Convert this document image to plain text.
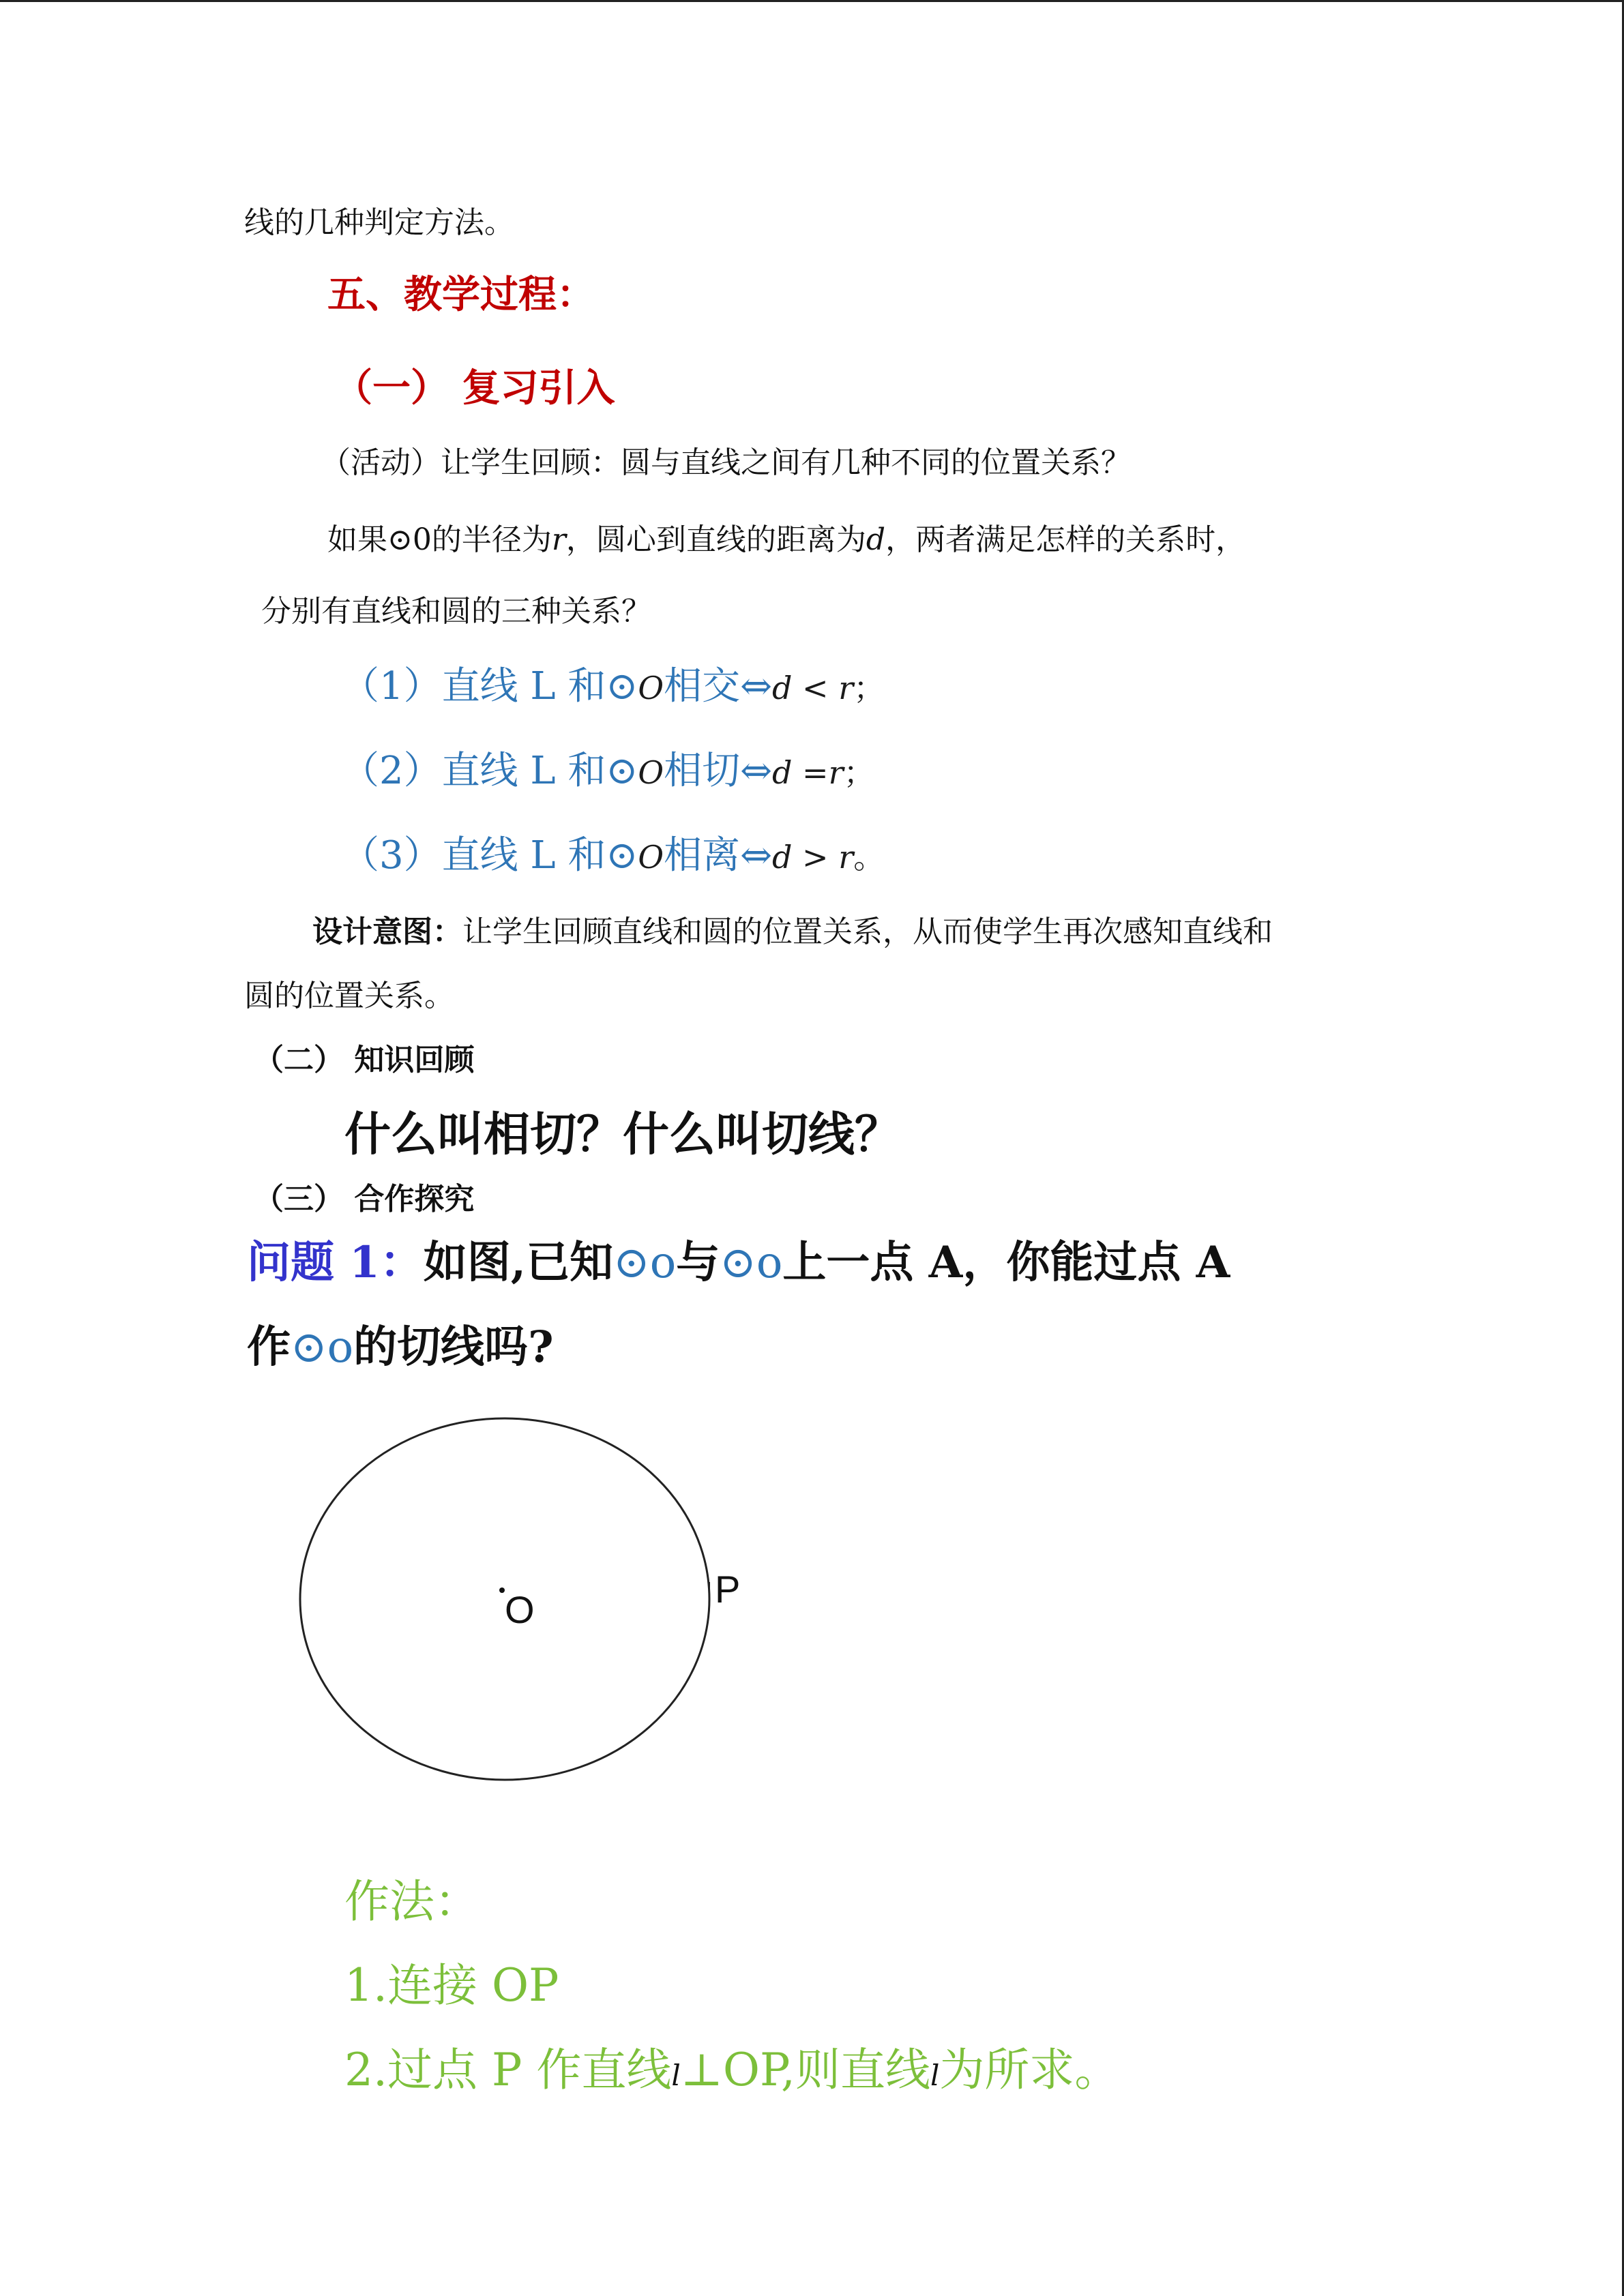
线的几种判定方法。
五、教学过程：
（一） 复习引入
（活动）让学生回顾：圆与直线之间有几种不同的位置关系？
如果⊙0的半径为r，圆心到直线的距离为d，两者满足怎样的关系时，
分别有直线和圆的三种关系？
（1）直线 L 和⊙O相交⇔d < r；
（2）直线 L 和⊙O相切⇔d =r；
（3）直线 L 和⊙O相离⇔d > r。
设计意图：让学生回顾直线和圆的位置关系，从而使学生再次感知直线和
圆的位置关系。
（二） 知识回顾
什么叫相切？什么叫切线？
（三） 合作探究
问题 1：如图,已知⊙o与⊙o上一点 A，你能过点 A
作⊙o的切线吗?
O	P
作法：
1.连接 OP
2.过点 P 作直线l⊥OP,则直线l为所求。
